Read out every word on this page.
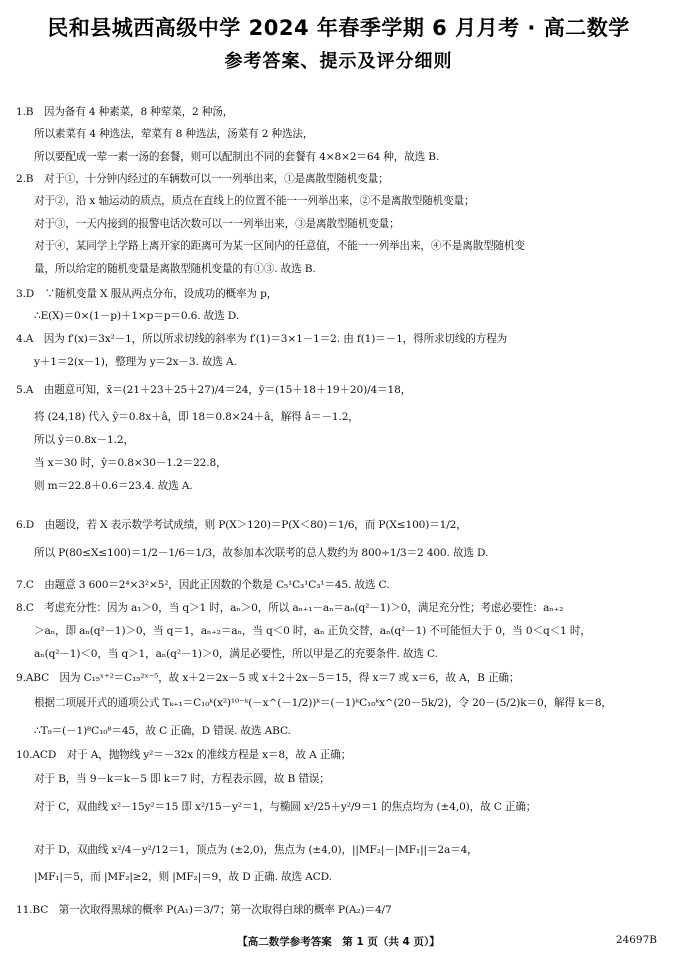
民和县城西高级中学 2024 年春季学期 6 月月考 · 高二数学
参考答案、提示及评分细则
1.B　因为备有 4 种素菜，8 种荤菜，2 种汤，
所以素菜有 4 种选法，荤菜有 8 种选法，汤菜有 2 种选法，
所以要配成一荤一素一汤的套餐，则可以配制出不同的套餐有 4×8×2＝64 种，故选 B.
2.B　对于①，十分钟内经过的车辆数可以一一列举出来，①是离散型随机变量；
对于②，沿 x 轴运动的质点，质点在直线上的位置不能一一列举出来，②不是离散型随机变量；
对于③，一天内接到的报警电话次数可以一一列举出来，③是离散型随机变量；
对于④，某同学上学路上离开家的距离可为某一区间内的任意值，不能一一列举出来，④不是离散型随机变
量，所以给定的随机变量是离散型随机变量的有①③. 故选 B.
3.D　∵随机变量 X 服从两点分布，设成功的概率为 p，
∴E(X)＝0×(1－p)＋1×p＝p＝0.6. 故选 D.
4.A　因为 f′(x)＝3x²－1，所以所求切线的斜率为 f′(1)＝3×1－1＝2. 由 f(1)＝－1，得所求切线的方程为
y＋1＝2(x－1)，整理为 y＝2x－3. 故选 A.
5.A　由题意可知，x̄＝(21＋23＋25＋27)/4＝24，ȳ＝(15＋18＋19＋20)/4＝18，
将 (24,18) 代入 ŷ＝0.8x＋â，即 18＝0.8×24＋â，解得 â＝－1.2，
所以 ŷ＝0.8x－1.2，
当 x＝30 时，ŷ＝0.8×30－1.2＝22.8，
则 m＝22.8＋0.6＝23.4. 故选 A.
6.D　由题设，若 X 表示数学考试成绩，则 P(X＞120)＝P(X＜80)＝1/6，而 P(X≤100)＝1/2，
所以 P(80≤X≤100)＝1/2－1/6＝1/3，故参加本次联考的总人数约为 800÷1/3＝2 400. 故选 D.
7.C　由题意 3 600＝2⁴×3²×5²，因此正因数的个数是 C₅¹C₃¹C₃¹＝45. 故选 C.
8.C　考虑充分性：因为 a₁＞0，当 q＞1 时，aₙ＞0，所以 aₙ₊₁－aₙ＝aₙ(q²－1)＞0，满足充分性；考虑必要性：aₙ₊₂
＞aₙ，即 aₙ(q²－1)＞0，当 q＝1，aₙ₊₂＝aₙ，当 q＜0 时，aₙ 正负交替，aₙ(q²－1) 不可能恒大于 0，当 0＜q＜1 时，
aₙ(q²－1)＜0，当 q＞1，aₙ(q²－1)＞0，满足必要性，所以甲是乙的充要条件. 故选 C.
9.ABC　因为 C₁₅ˣ⁺²＝C₁₅²ˣ⁻⁵，故 x＋2＝2x－5 或 x＋2＋2x－5＝15，得 x＝7 或 x＝6，故 A，B 正确；
根据二项展开式的通项公式 Tₖ₊₁＝C₁₀ᵏ(x²)¹⁰⁻ᵏ(－x^(－1/2))ᵏ＝(－1)ᵏC₁₀ᵏx^(20－5k/2)，令 20－(5/2)k＝0，解得 k＝8，
∴T₉＝(－1)⁸C₁₀⁸＝45，故 C 正确，D 错误. 故选 ABC.
10.ACD　对于 A，抛物线 y²＝－32x 的准线方程是 x＝8，故 A 正确；
对于 B，当 9－k＝k－5 即 k＝7 时，方程表示圆，故 B 错误；
对于 C，双曲线 x²－15y²＝15 即 x²/15－y²＝1，与椭圆 x²/25＋y²/9＝1 的焦点均为 (±4,0)，故 C 正确；
对于 D，双曲线 x²/4－y²/12＝1，顶点为 (±2,0)，焦点为 (±4,0)，||MF₂|－|MF₁||＝2a＝4，
|MF₁|＝5，而 |MF₂|≥2，则 |MF₂|＝9，故 D 正确. 故选 ACD.
11.BC　第一次取得黑球的概率 P(A₁)＝3/7；第一次取得白球的概率 P(A₂)＝4/7
【高二数学参考答案　第 1 页（共 4 页）】	24697B
